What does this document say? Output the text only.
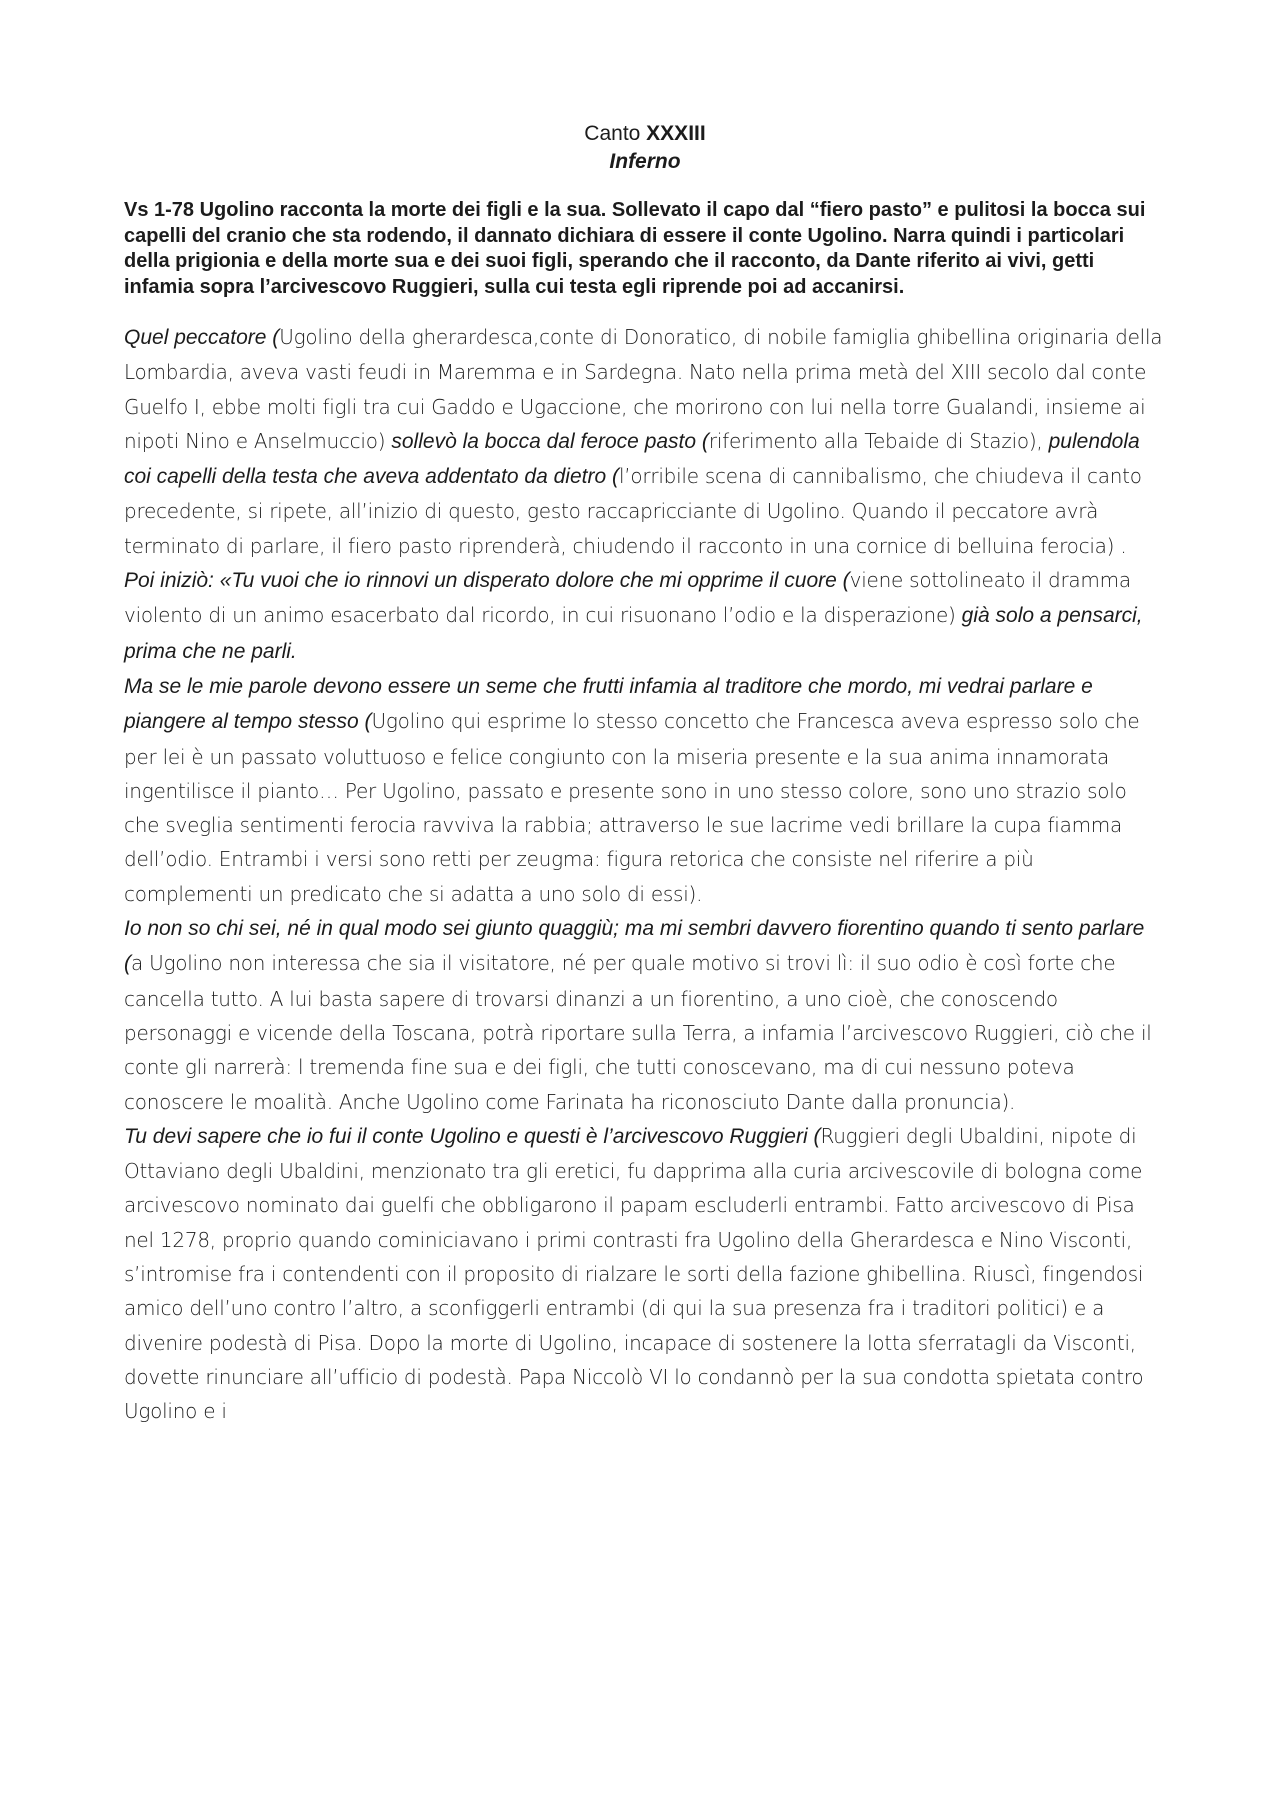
Canto XXXIII
Inferno

Vs 1-78 Ugolino racconta la morte dei figli e la sua. Sollevato il capo dal “fiero pasto” e pulitosi la bocca sui capelli del cranio che sta rodendo, il dannato dichiara di essere il conte Ugolino. Narra quindi i particolari della prigionia e della morte sua e dei suoi figli, sperando che il racconto, da Dante riferito ai vivi, getti infamia sopra l’arcivescovo Ruggieri, sulla cui testa egli riprende poi ad accanirsi.

Quel peccatore (Ugolino della gherardesca,conte di Donoratico, di nobile famiglia ghibellina originaria della Lombardia, aveva vasti feudi in Maremma e in Sardegna. Nato nella prima metà del XIII secolo dal conte Guelfo I, ebbe molti figli tra cui Gaddo e Ugaccione, che morirono con lui nella torre Gualandi, insieme ai nipoti Nino e Anselmuccio) sollevò la bocca dal feroce pasto (riferimento alla Tebaide di Stazio), pulendola coi capelli della testa che aveva addentato da dietro (l’orribile scena di cannibalismo, che chiudeva il canto precedente, si ripete, all’inizio di questo, gesto raccapricciante di Ugolino. Quando il peccatore avrà terminato di parlare, il fiero pasto riprenderà, chiudendo il racconto in una cornice di belluina ferocia) .
Poi iniziò: «Tu vuoi che io rinnovi un disperato dolore che mi opprime il cuore (viene sottolineato il dramma violento di un animo esacerbato dal ricordo, in cui risuonano l’odio e la disperazione) già solo a pensarci, prima che ne parli.
Ma se le mie parole devono essere un seme che frutti infamia al traditore che mordo, mi vedrai parlare e piangere al tempo stesso (Ugolino qui esprime lo stesso concetto che Francesca aveva espresso solo che per lei è un passato voluttuoso e felice congiunto con la miseria presente e la sua anima innamorata ingentilisce il pianto… Per Ugolino, passato e presente sono in uno stesso colore, sono uno strazio solo che sveglia sentimenti ferocia ravviva la rabbia; attraverso le sue lacrime vedi brillare la cupa fiamma dell’odio. Entrambi i versi sono retti per zeugma: figura retorica che consiste nel riferire a più complementi un predicato che si adatta a uno solo di essi).
Io non so chi sei, né in qual modo sei giunto quaggiù; ma mi sembri davvero fiorentino quando ti sento parlare (a Ugolino non interessa che sia il visitatore, né per quale motivo si trovi lì: il suo odio è così forte che cancella tutto. A lui basta sapere di trovarsi dinanzi a un fiorentino, a uno cioè, che conoscendo personaggi e vicende della Toscana, potrà riportare sulla Terra, a infamia l’arcivescovo Ruggieri, ciò che il conte gli narrerà: l tremenda fine sua e dei figli, che tutti conoscevano, ma di cui nessuno poteva conoscere le moalità. Anche Ugolino come Farinata ha riconosciuto Dante dalla pronuncia).
Tu devi sapere che io fui il conte Ugolino e questi è l’arcivescovo Ruggieri (Ruggieri degli Ubaldini, nipote di Ottaviano degli Ubaldini, menzionato tra gli eretici, fu dapprima alla curia arcivescovile di bologna come arcivescovo nominato dai guelfi che obbligarono il papam escluderli entrambi. Fatto arcivescovo di Pisa nel 1278, proprio quando cominiciavano i primi contrasti fra Ugolino della Gherardesca e Nino Visconti, s’intromise fra i contendenti con il proposito di rialzare le sorti della fazione ghibellina. Riuscì, fingendosi amico dell’uno contro l’altro, a sconfiggerli entrambi (di qui la sua presenza fra i traditori politici) e a divenire podestà di Pisa. Dopo la morte di Ugolino, incapace di sostenere la lotta sferratagli da Visconti, dovette rinunciare all’ufficio di podestà. Papa Niccolò VI lo condannò per la sua condotta spietata contro Ugolino e i
